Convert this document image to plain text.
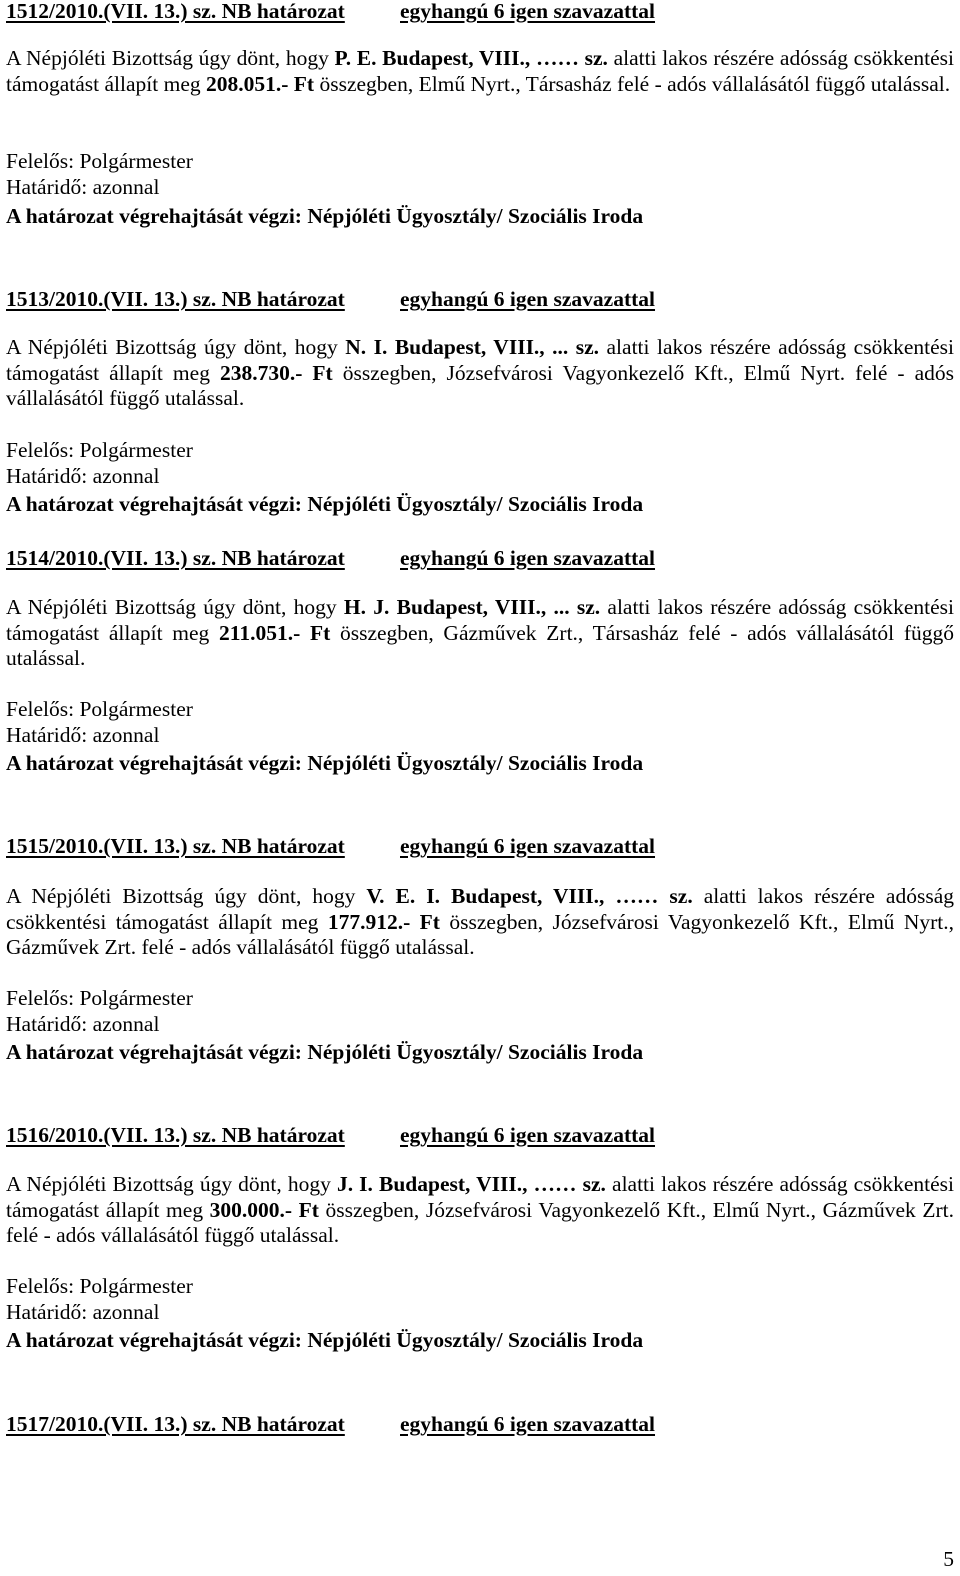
1512/2010.(VII. 13.) sz. NB határozat	egyhangú 6 igen szavazattal
A Népjóléti Bizottság úgy dönt, hogy P. E. Budapest, VIII., …… sz. alatti lakos részére adósság csökkentési támogatást állapít meg 208.051.- Ft összegben, Elmű Nyrt., Társasház felé - adós vállalásától függő utalással.
Felelős: Polgármester
Határidő: azonnal
A határozat végrehajtását végzi: Népjóléti Ügyosztály/ Szociális Iroda
1513/2010.(VII. 13.) sz. NB határozat	egyhangú 6 igen szavazattal
A Népjóléti Bizottság úgy dönt, hogy N. I. Budapest, VIII., ... sz. alatti lakos részére adósság csökkentési támogatást állapít meg 238.730.- Ft összegben, Józsefvárosi Vagyonkezelő Kft., Elmű Nyrt. felé - adós vállalásától függő utalással.
Felelős: Polgármester
Határidő: azonnal
A határozat végrehajtását végzi: Népjóléti Ügyosztály/ Szociális Iroda
1514/2010.(VII. 13.) sz. NB határozat	egyhangú 6 igen szavazattal
A Népjóléti Bizottság úgy dönt, hogy H. J. Budapest, VIII., ... sz. alatti lakos részére adósság csökkentési támogatást állapít meg 211.051.- Ft összegben, Gázművek Zrt., Társasház felé - adós vállalásától függő utalással.
Felelős: Polgármester
Határidő: azonnal
A határozat végrehajtását végzi: Népjóléti Ügyosztály/ Szociális Iroda
1515/2010.(VII. 13.) sz. NB határozat	egyhangú 6 igen szavazattal
A Népjóléti Bizottság úgy dönt, hogy V. E. I. Budapest, VIII., …… sz. alatti lakos részére adósság csökkentési támogatást állapít meg 177.912.- Ft összegben, Józsefvárosi Vagyonkezelő Kft., Elmű Nyrt., Gázművek Zrt. felé - adós vállalásától függő utalással.
Felelős: Polgármester
Határidő: azonnal
A határozat végrehajtását végzi: Népjóléti Ügyosztály/ Szociális Iroda
1516/2010.(VII. 13.) sz. NB határozat	egyhangú 6 igen szavazattal
A Népjóléti Bizottság úgy dönt, hogy J. I. Budapest, VIII., …… sz. alatti lakos részére adósság csökkentési támogatást állapít meg 300.000.- Ft összegben, Józsefvárosi Vagyonkezelő Kft., Elmű Nyrt., Gázművek Zrt. felé - adós vállalásától függő utalással.
Felelős: Polgármester
Határidő: azonnal
A határozat végrehajtását végzi: Népjóléti Ügyosztály/ Szociális Iroda
1517/2010.(VII. 13.) sz. NB határozat	egyhangú 6 igen szavazattal
5
